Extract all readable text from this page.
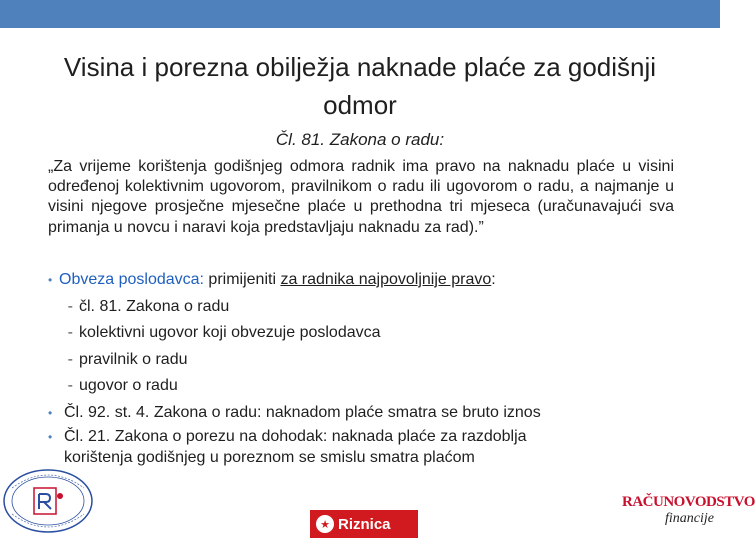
Visina i porezna obilježja naknade plaće za godišnji odmor
Čl. 81. Zakona o radu:
„Za vrijeme korištenja godišnjeg odmora radnik ima pravo na naknadu plaće u visini određenoj kolektivnim ugovorom, pravilnikom o radu ili ugovorom o radu, a najmanje u visini njegove prosječne mjesečne plaće u prethodna tri mjeseca (uračunavajući sva primanja u novcu i naravi koja predstavljaju naknadu za rad).”
• Obveza poslodavca: primijeniti za radnika najpovoljnije pravo:
- čl. 81. Zakona o radu
- kolektivni ugovor koji obvezuje poslodavca
- pravilnik o radu
- ugovor o radu
• Čl. 92. st. 4. Zakona o radu: naknadom plaće smatra se bruto iznos
• Čl. 21. Zakona o porezu na dohodak: naknada plaće za razdoblja
korištenja godišnjeg u poreznom se smislu smatra plaćom
★ Riznica
RAČUNOVODSTVO
financije
